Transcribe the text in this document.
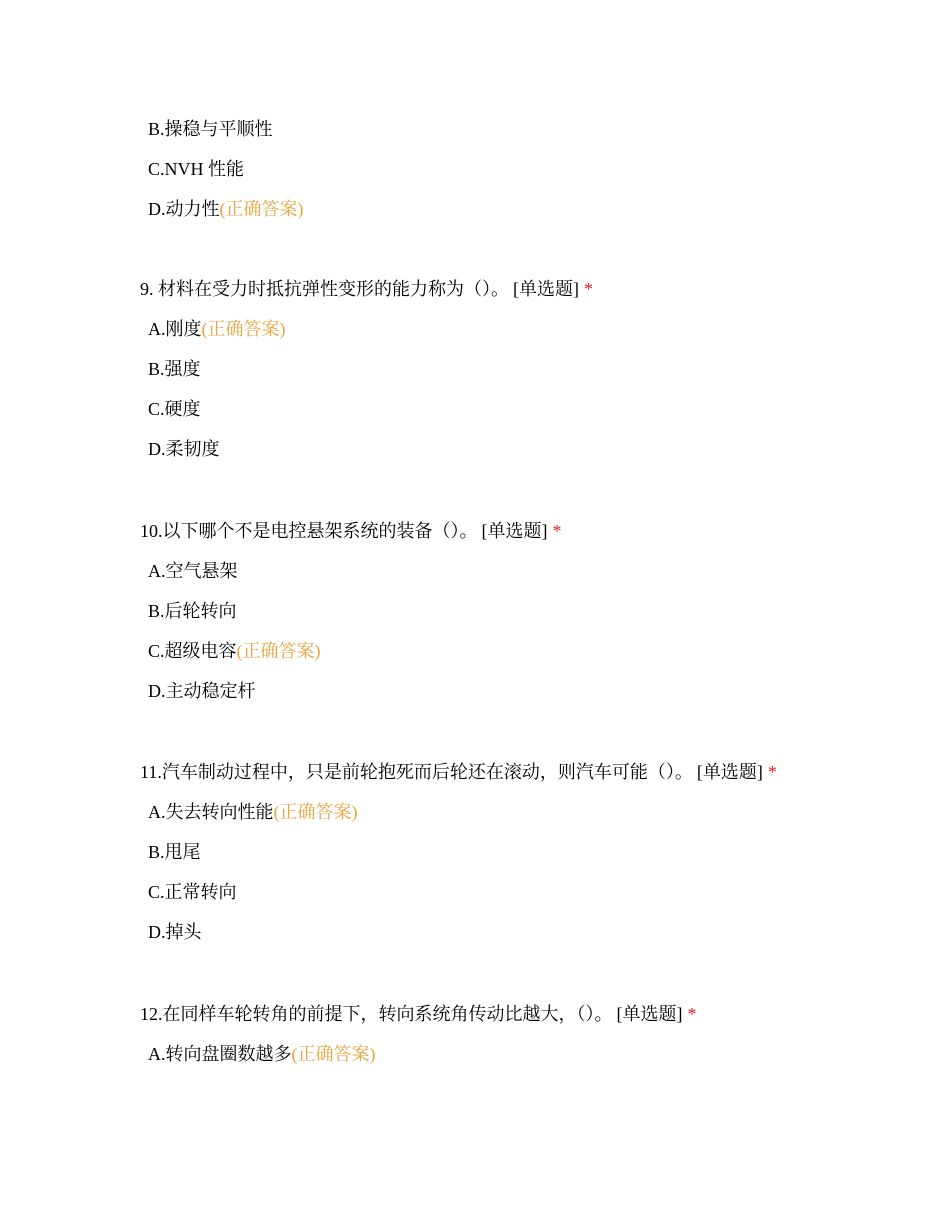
B.操稳与平顺性
C.NVH 性能
D.动力性(正确答案)
9. 材料在受力时抵抗弹性变形的能力称为（）。 [单选题] *
A.刚度(正确答案)
B.强度
C.硬度
D.柔韧度
10.以下哪个不是电控悬架系统的装备（）。 [单选题] *
A.空气悬架
B.后轮转向
C.超级电容(正确答案)
D.主动稳定杆
11.汽车制动过程中，只是前轮抱死而后轮还在滚动，则汽车可能（）。 [单选题] *
A.失去转向性能(正确答案)
B.甩尾
C.正常转向
D.掉头
12.在同样车轮转角的前提下，转向系统角传动比越大，（）。 [单选题] *
A.转向盘圈数越多(正确答案)
